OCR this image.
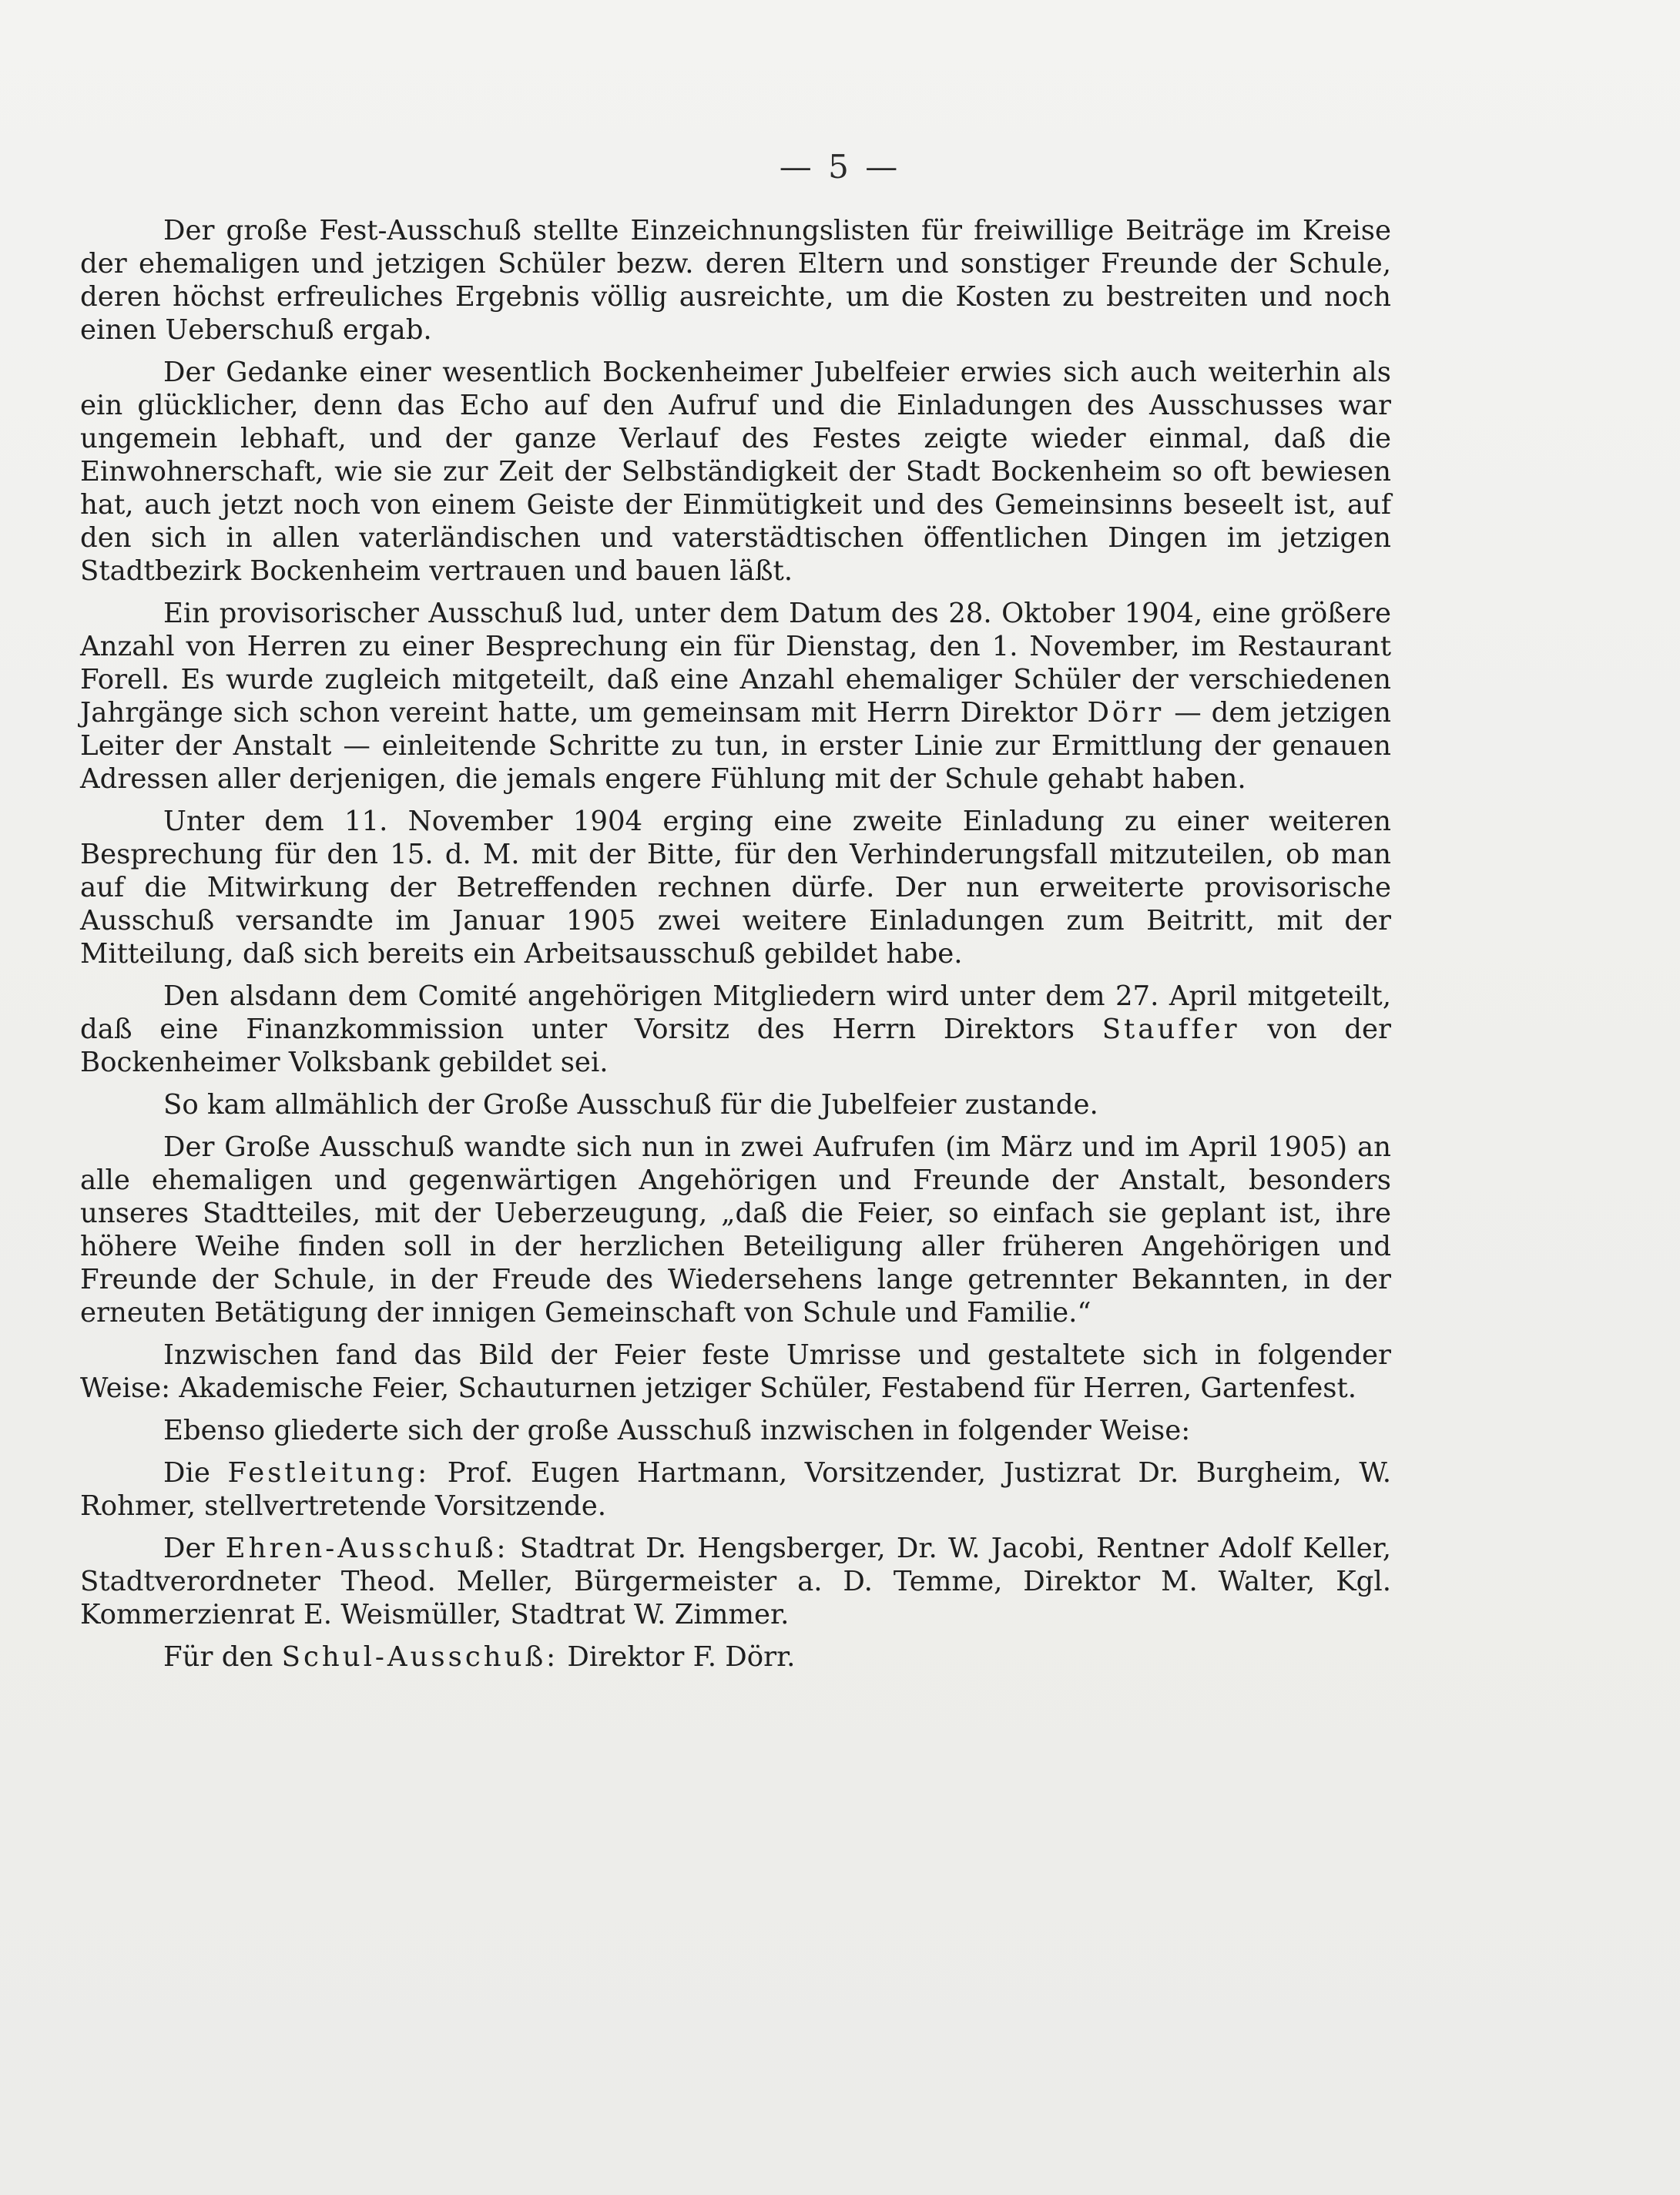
— 5 —

Der große Fest-Ausschuß stellte Einzeichnungslisten für freiwillige Beiträge im Kreise der ehemaligen und jetzigen Schüler bezw. deren Eltern und sonstiger Freunde der Schule, deren höchst erfreuliches Ergebnis völlig ausreichte, um die Kosten zu bestreiten und noch einen Ueberschuß ergab.

Der Gedanke einer wesentlich Bockenheimer Jubelfeier erwies sich auch weiterhin als ein glücklicher, denn das Echo auf den Aufruf und die Einladungen des Ausschusses war ungemein lebhaft, und der ganze Verlauf des Festes zeigte wieder einmal, daß die Einwohnerschaft, wie sie zur Zeit der Selbständigkeit der Stadt Bockenheim so oft bewiesen hat, auch jetzt noch von einem Geiste der Einmütigkeit und des Gemeinsinns beseelt ist, auf den sich in allen vaterländischen und vaterstädtischen öffentlichen Dingen im jetzigen Stadtbezirk Bockenheim vertrauen und bauen läßt.

Ein provisorischer Ausschuß lud, unter dem Datum des 28. Oktober 1904, eine größere Anzahl von Herren zu einer Besprechung ein für Dienstag, den 1. November, im Restaurant Forell. Es wurde zugleich mitgeteilt, daß eine Anzahl ehemaliger Schüler der verschiedenen Jahrgänge sich schon vereint hatte, um gemeinsam mit Herrn Direktor Dörr — dem jetzigen Leiter der Anstalt — einleitende Schritte zu tun, in erster Linie zur Ermittlung der genauen Adressen aller derjenigen, die jemals engere Fühlung mit der Schule gehabt haben.

Unter dem 11. November 1904 erging eine zweite Einladung zu einer weiteren Besprechung für den 15. d. M. mit der Bitte, für den Verhinderungsfall mitzuteilen, ob man auf die Mitwirkung der Betreffenden rechnen dürfe. Der nun erweiterte provisorische Ausschuß versandte im Januar 1905 zwei weitere Einladungen zum Beitritt, mit der Mitteilung, daß sich bereits ein Arbeitsausschuß gebildet habe.

Den alsdann dem Comité angehörigen Mitgliedern wird unter dem 27. April mitgeteilt, daß eine Finanzkommission unter Vorsitz des Herrn Direktors Stauffer von der Bockenheimer Volksbank gebildet sei.

So kam allmählich der Große Ausschuß für die Jubelfeier zustande.

Der Große Ausschuß wandte sich nun in zwei Aufrufen (im März und im April 1905) an alle ehemaligen und gegenwärtigen Angehörigen und Freunde der Anstalt, besonders unseres Stadtteiles, mit der Ueberzeugung, „daß die Feier, so einfach sie geplant ist, ihre höhere Weihe finden soll in der herzlichen Beteiligung aller früheren Angehörigen und Freunde der Schule, in der Freude des Wiedersehens lange getrennter Bekannten, in der erneuten Betätigung der innigen Gemeinschaft von Schule und Familie.“

Inzwischen fand das Bild der Feier feste Umrisse und gestaltete sich in folgender Weise: Akademische Feier, Schauturnen jetziger Schüler, Festabend für Herren, Gartenfest.

Ebenso gliederte sich der große Ausschuß inzwischen in folgender Weise:

Die Festleitung: Prof. Eugen Hartmann, Vorsitzender, Justizrat Dr. Burgheim, W. Rohmer, stellvertretende Vorsitzende.

Der Ehren-Ausschuß: Stadtrat Dr. Hengsberger, Dr. W. Jacobi, Rentner Adolf Keller, Stadtverordneter Theod. Meller, Bürgermeister a. D. Temme, Direktor M. Walter, Kgl. Kommerzienrat E. Weismüller, Stadtrat W. Zimmer.

Für den Schul-Ausschuß: Direktor F. Dörr.
